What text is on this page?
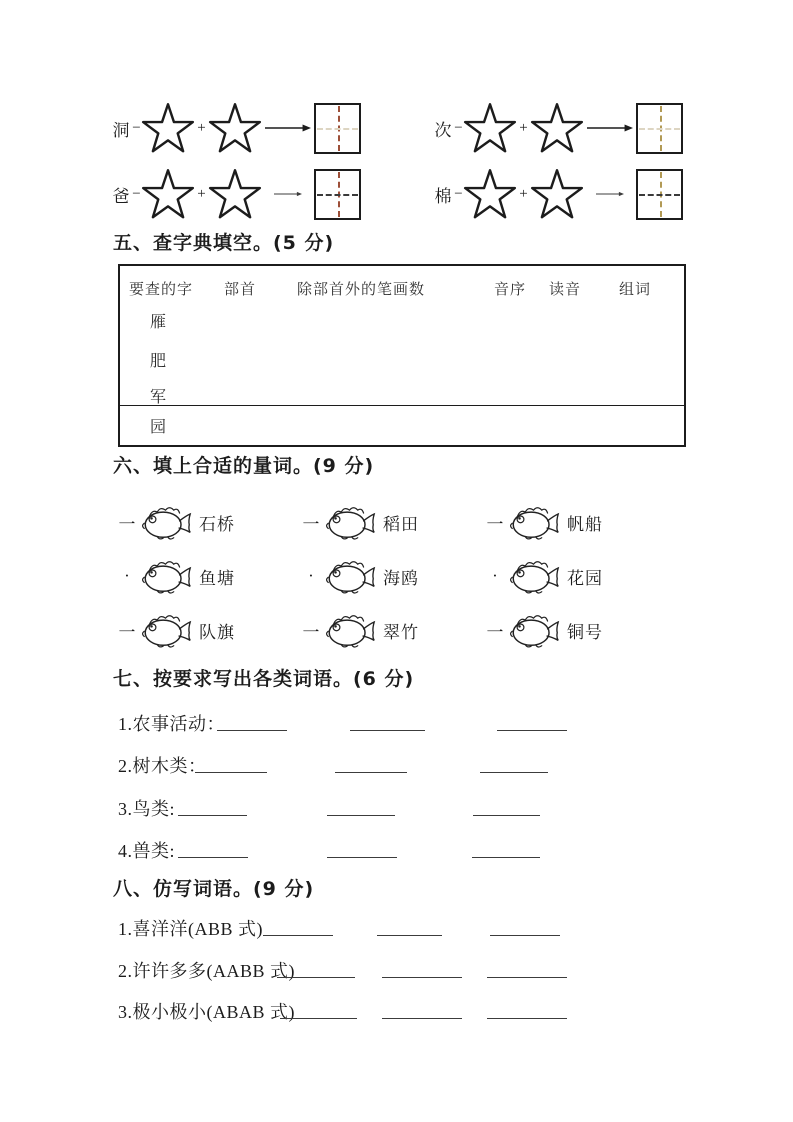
洞 −	+	次 −	+
爸 −	+	棉 −	+
五、查字典填空。(5 分)
要查的字 部首	除部首外的笔画数	音序 读音	组词
雁
肥
军
园
六、填上合适的量词。(9 分)
一	石桥	一	稻田	一	帆船
·	鱼塘	·	海鸥	·	花园
一	队旗	一	翠竹	一	铜号
七、按要求写出各类词语。(6 分)
1.农事活动：
2.树木类：
3.鸟类:
4.兽类:
八、仿写词语。(9 分)
1.喜洋洋(ABB 式)
2.许许多多(AABB 式)
3.极小极小(ABAB 式)
